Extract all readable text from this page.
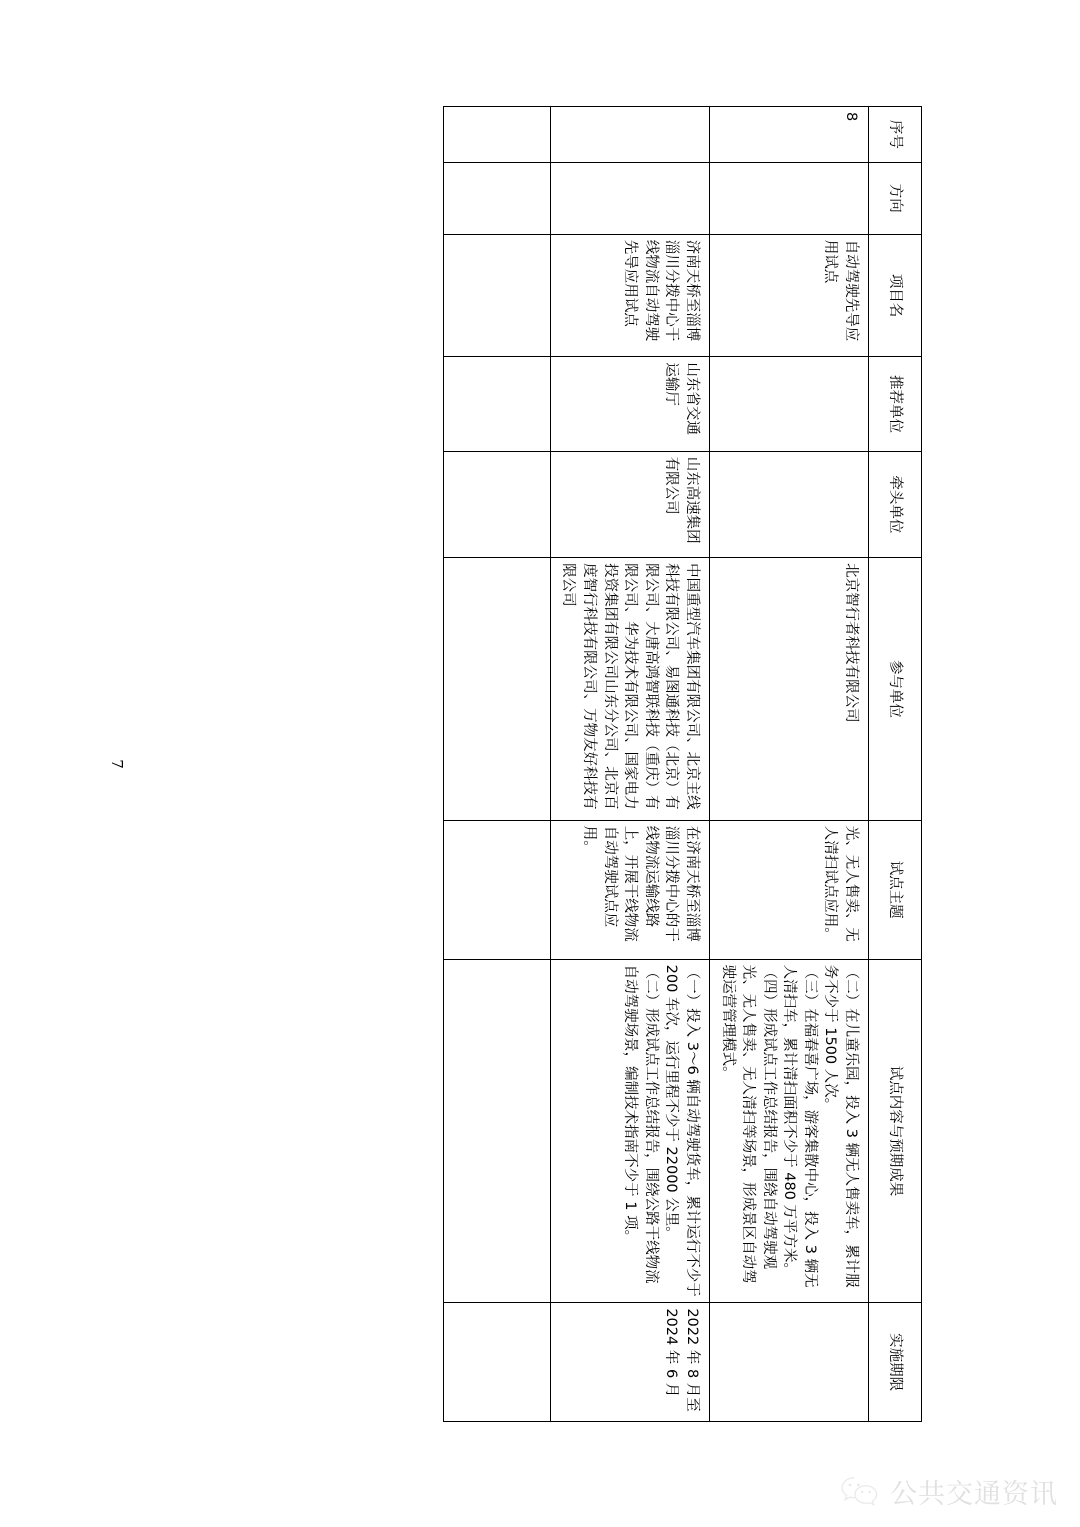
序号	方向	项目名	推荐单位	牵头单位	参与单位	试点主题	试点内容与预期成果	实施期限
8		自动驾驶先导应用试点			北京智行者科技有限公司	光、无人售卖、无人清扫试点应用。	（二）在儿童乐园，投入 3 辆无人售卖车，累计服务不少于 1500 人次。
（三）在福春喜广场，游客集散中心，投入 3 辆无人清扫车，累计清扫面积不少于 480 万平方米。
（四）形成试点工作总结报告，围绕自动驾驶观光、无人售卖、无人清扫等场景，形成景区自动驾驶运营管理模式。	

		济南天桥至淄博淄川分拨中心干线物流自动驾驶先导应用试点	山东省交通运输厅	山东高速集团有限公司	中国重型汽车集团有限公司、北京主线科技有限公司、易图通科技（北京）有限公司、大唐高鸿智联科技（重庆）有限公司、华为技术有限公司、国家电力投资集团有限公司山东分公司、北京百度智行科技有限公司、万物友好科技有限公司	在济南天桥至淄博淄川分拨中心的干线物流运输线路上，开展干线物流自动驾驶试点应用。	（一）投入 3～6 辆自动驾驶货车，累计运行不少于 200 车次，运行里程不少于 22000 公里。
（二）形成试点工作总结报告，围绕公路干线物流自动驾驶场景，编制技术指南不少于 1 项。	2022 年 8 月至 2024 年 6 月

7
公共交通资讯
